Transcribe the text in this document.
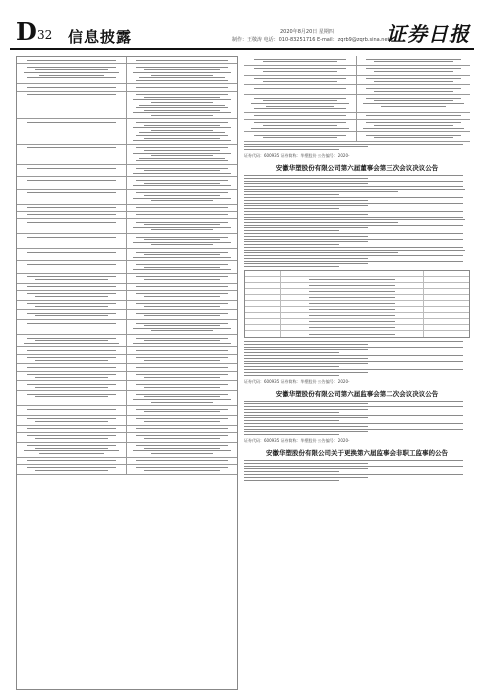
D 32 信息披露	2020年8月20日 星期四
制作：王敬涛 电话：010-83251716 E-mail：zqrb9@zqrb.sina.net
证券日报
证券代码：600935 证券简称：华塑股份 公告编号：2020-
安徽华塑股份有限公司第六届董事会第三次会议决议公告
证券代码：600935 证券简称：华塑股份 公告编号：2020-
安徽华塑股份有限公司第六届监事会第二次会议决议公告
证券代码：600935 证券简称：华塑股份 公告编号：2020-
安徽华塑股份有限公司关于更换第六届监事会非职工监事的公告
